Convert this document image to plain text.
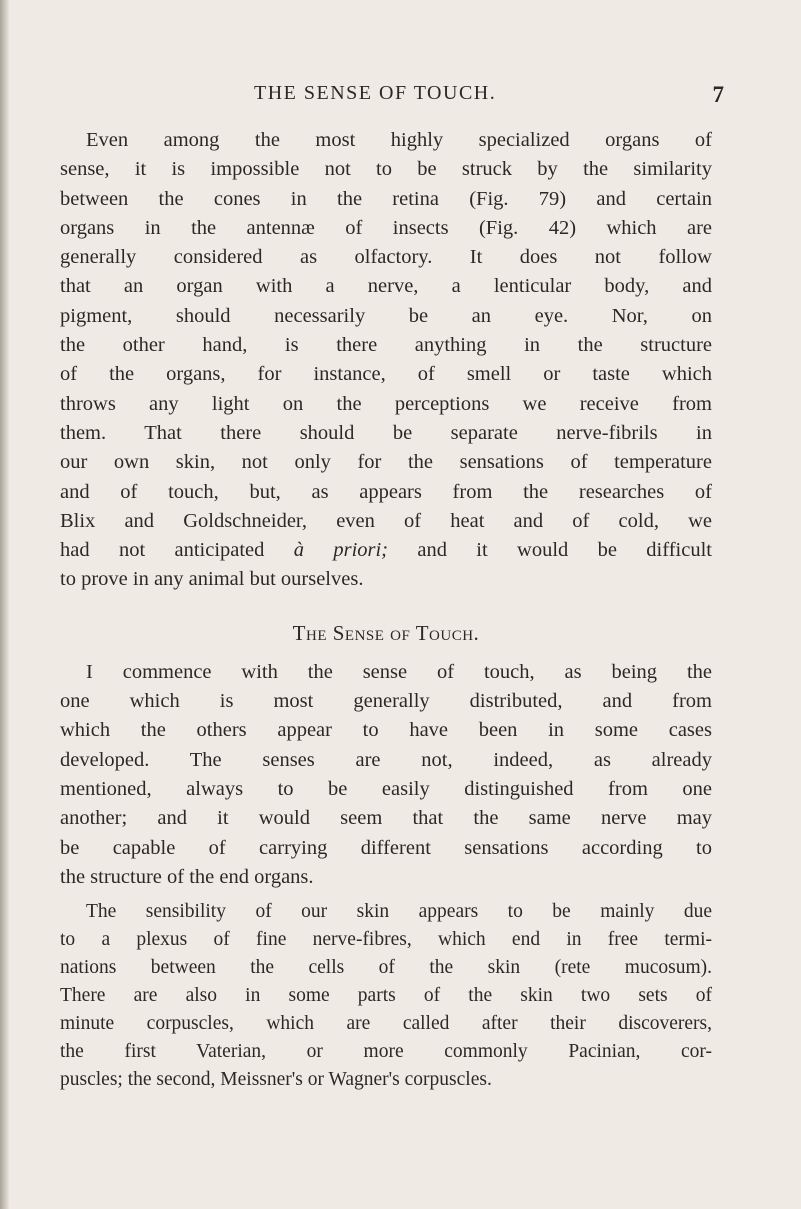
THE SENSE OF TOUCH.	7

Even among the most highly specialized organs of
sense, it is impossible not to be struck by the similarity
between the cones in the retina (Fig. 79) and certain
organs in the antennæ of insects (Fig. 42) which are
generally considered as olfactory. It does not follow
that an organ with a nerve, a lenticular body, and
pigment, should necessarily be an eye. Nor, on
the other hand, is there anything in the structure
of the organs, for instance, of smell or taste which
throws any light on the perceptions we receive from
them. That there should be separate nerve-fibrils in
our own skin, not only for the sensations of temperature
and of touch, but, as appears from the researches of
Blix and Goldschneider, even of heat and of cold, we
had not anticipated à priori; and it would be difficult
to prove in any animal but ourselves.

The Sense of Touch.

I commence with the sense of touch, as being the
one which is most generally distributed, and from
which the others appear to have been in some cases
developed. The senses are not, indeed, as already
mentioned, always to be easily distinguished from one
another; and it would seem that the same nerve may
be capable of carrying different sensations according to
the structure of the end organs.

The sensibility of our skin appears to be mainly due
to a plexus of fine nerve-fibres, which end in free termi-
nations between the cells of the skin (rete mucosum).
There are also in some parts of the skin two sets of
minute corpuscles, which are called after their discoverers,
the first Vaterian, or more commonly Pacinian, cor-
puscles; the second, Meissner's or Wagner's corpuscles.
